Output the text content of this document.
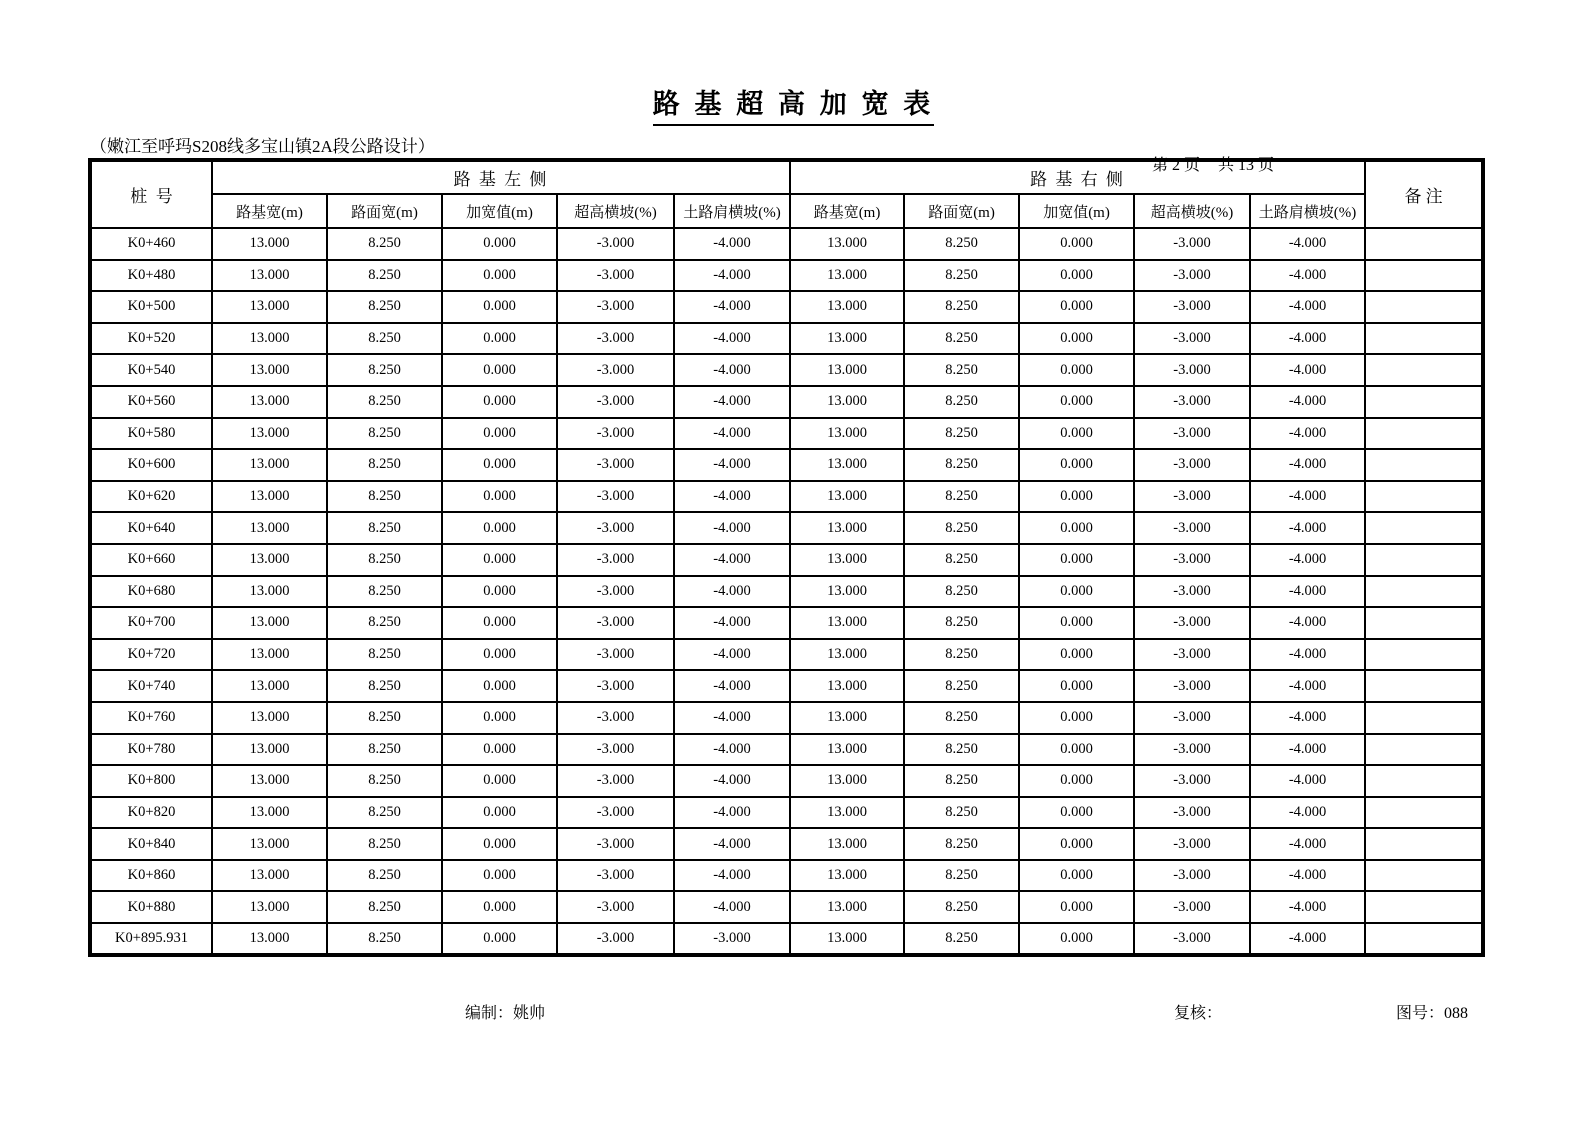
路 基 超 高 加 宽 表
（嫩江至呼玛S208线多宝山镇2A段公路设计）

第 2 页 共 13 页

桩  号	路 基 左 侧					路 基 右 侧					备 注
	路基宽(m)	路面宽(m)	加宽值(m)	超高横坡(%)	土路肩横坡(%)	路基宽(m)	路面宽(m)	加宽值(m)	超高横坡(%)	土路肩横坡(%)	
K0+460	13.000	8.250	0.000	-3.000	-4.000	13.000	8.250	0.000	-3.000	-4.000	
K0+480	13.000	8.250	0.000	-3.000	-4.000	13.000	8.250	0.000	-3.000	-4.000	
K0+500	13.000	8.250	0.000	-3.000	-4.000	13.000	8.250	0.000	-3.000	-4.000	
K0+520	13.000	8.250	0.000	-3.000	-4.000	13.000	8.250	0.000	-3.000	-4.000	
K0+540	13.000	8.250	0.000	-3.000	-4.000	13.000	8.250	0.000	-3.000	-4.000	
K0+560	13.000	8.250	0.000	-3.000	-4.000	13.000	8.250	0.000	-3.000	-4.000	
K0+580	13.000	8.250	0.000	-3.000	-4.000	13.000	8.250	0.000	-3.000	-4.000	
K0+600	13.000	8.250	0.000	-3.000	-4.000	13.000	8.250	0.000	-3.000	-4.000	
K0+620	13.000	8.250	0.000	-3.000	-4.000	13.000	8.250	0.000	-3.000	-4.000	
K0+640	13.000	8.250	0.000	-3.000	-4.000	13.000	8.250	0.000	-3.000	-4.000	
K0+660	13.000	8.250	0.000	-3.000	-4.000	13.000	8.250	0.000	-3.000	-4.000	
K0+680	13.000	8.250	0.000	-3.000	-4.000	13.000	8.250	0.000	-3.000	-4.000	
K0+700	13.000	8.250	0.000	-3.000	-4.000	13.000	8.250	0.000	-3.000	-4.000	
K0+720	13.000	8.250	0.000	-3.000	-4.000	13.000	8.250	0.000	-3.000	-4.000	
K0+740	13.000	8.250	0.000	-3.000	-4.000	13.000	8.250	0.000	-3.000	-4.000	
K0+760	13.000	8.250	0.000	-3.000	-4.000	13.000	8.250	0.000	-3.000	-4.000	
K0+780	13.000	8.250	0.000	-3.000	-4.000	13.000	8.250	0.000	-3.000	-4.000	
K0+800	13.000	8.250	0.000	-3.000	-4.000	13.000	8.250	0.000	-3.000	-4.000	
K0+820	13.000	8.250	0.000	-3.000	-4.000	13.000	8.250	0.000	-3.000	-4.000	
K0+840	13.000	8.250	0.000	-3.000	-4.000	13.000	8.250	0.000	-3.000	-4.000	
K0+860	13.000	8.250	0.000	-3.000	-4.000	13.000	8.250	0.000	-3.000	-4.000	
K0+880	13.000	8.250	0.000	-3.000	-4.000	13.000	8.250	0.000	-3.000	-4.000	
K0+895.931	13.000	8.250	0.000	-3.000	-3.000	13.000	8.250	0.000	-3.000	-4.000	
编制：姚帅	复核：	图号：088
